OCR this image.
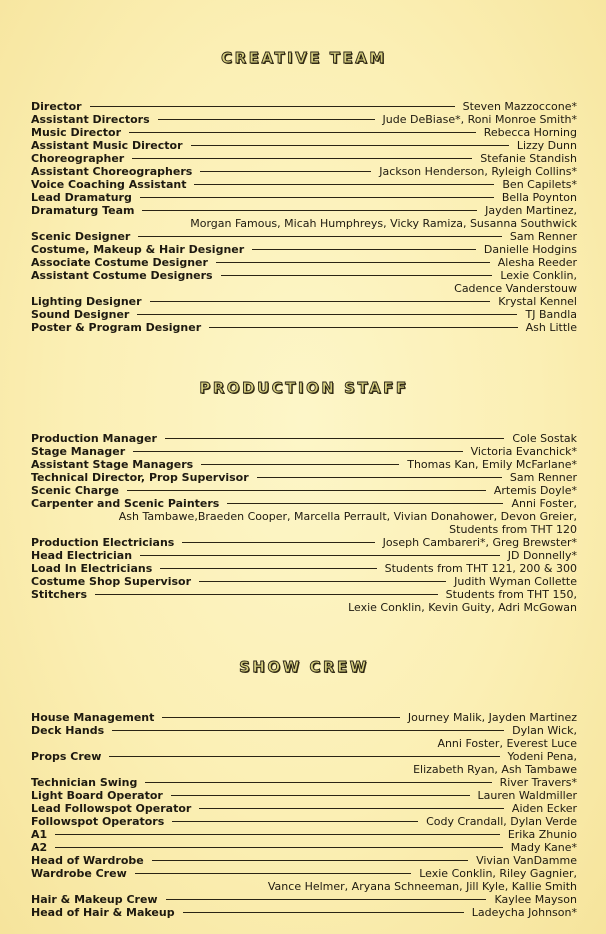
CREATIVE TEAM
Director	Steven Mazzoccone*
Assistant Directors	Jude DeBiase*, Roni Monroe Smith*
Music Director	Rebecca Horning
Assistant Music Director	Lizzy Dunn
Choreographer	Stefanie Standish
Assistant Choreographers	Jackson Henderson, Ryleigh Collins*
Voice Coaching Assistant	Ben Capilets*
Lead Dramaturg	Bella Poynton
Dramaturg Team	Jayden Martinez,
Morgan Famous, Micah Humphreys, Vicky Ramiza, Susanna Southwick
Scenic Designer	Sam Renner
Costume, Makeup & Hair Designer	Danielle Hodgins
Associate Costume Designer	Alesha Reeder
Assistant Costume Designers	Lexie Conklin,
Cadence Vanderstouw
Lighting Designer	Krystal Kennel
Sound Designer	TJ Bandla
Poster & Program Designer	Ash Little
PRODUCTION STAFF
Production Manager	Cole Sostak
Stage Manager	Victoria Evanchick*
Assistant Stage Managers	Thomas Kan, Emily McFarlane*
Technical Director, Prop Supervisor	Sam Renner
Scenic Charge	Artemis Doyle*
Carpenter and Scenic Painters	Anni Foster,
Ash Tambawe,Braeden Cooper, Marcella Perrault, Vivian Donahower, Devon Greier,
Students from THT 120
Production Electricians	Joseph Cambareri*, Greg Brewster*
Head Electrician	JD Donnelly*
Load In Electricians	Students from THT 121, 200 & 300
Costume Shop Supervisor	Judith Wyman Collette
Stitchers	Students from THT 150,
Lexie Conklin, Kevin Guity, Adri McGowan
SHOW CREW
House Management	Journey Malik, Jayden Martinez
Deck Hands	Dylan Wick,
Anni Foster, Everest Luce
Props Crew	Yodeni Pena,
Elizabeth Ryan, Ash Tambawe
Technician Swing	River Travers*
Light Board Operator	Lauren Waldmiller
Lead Followspot Operator	Aiden Ecker
Followspot Operators	Cody Crandall, Dylan Verde
A1	Erika Zhunio
A2	Mady Kane*
Head of Wardrobe	Vivian VanDamme
Wardrobe Crew	Lexie Conklin, Riley Gagnier,
Vance Helmer, Aryana Schneeman, Jill Kyle, Kallie Smith
Hair & Makeup Crew	Kaylee Mayson
Head of Hair & Makeup	Ladeycha Johnson*
